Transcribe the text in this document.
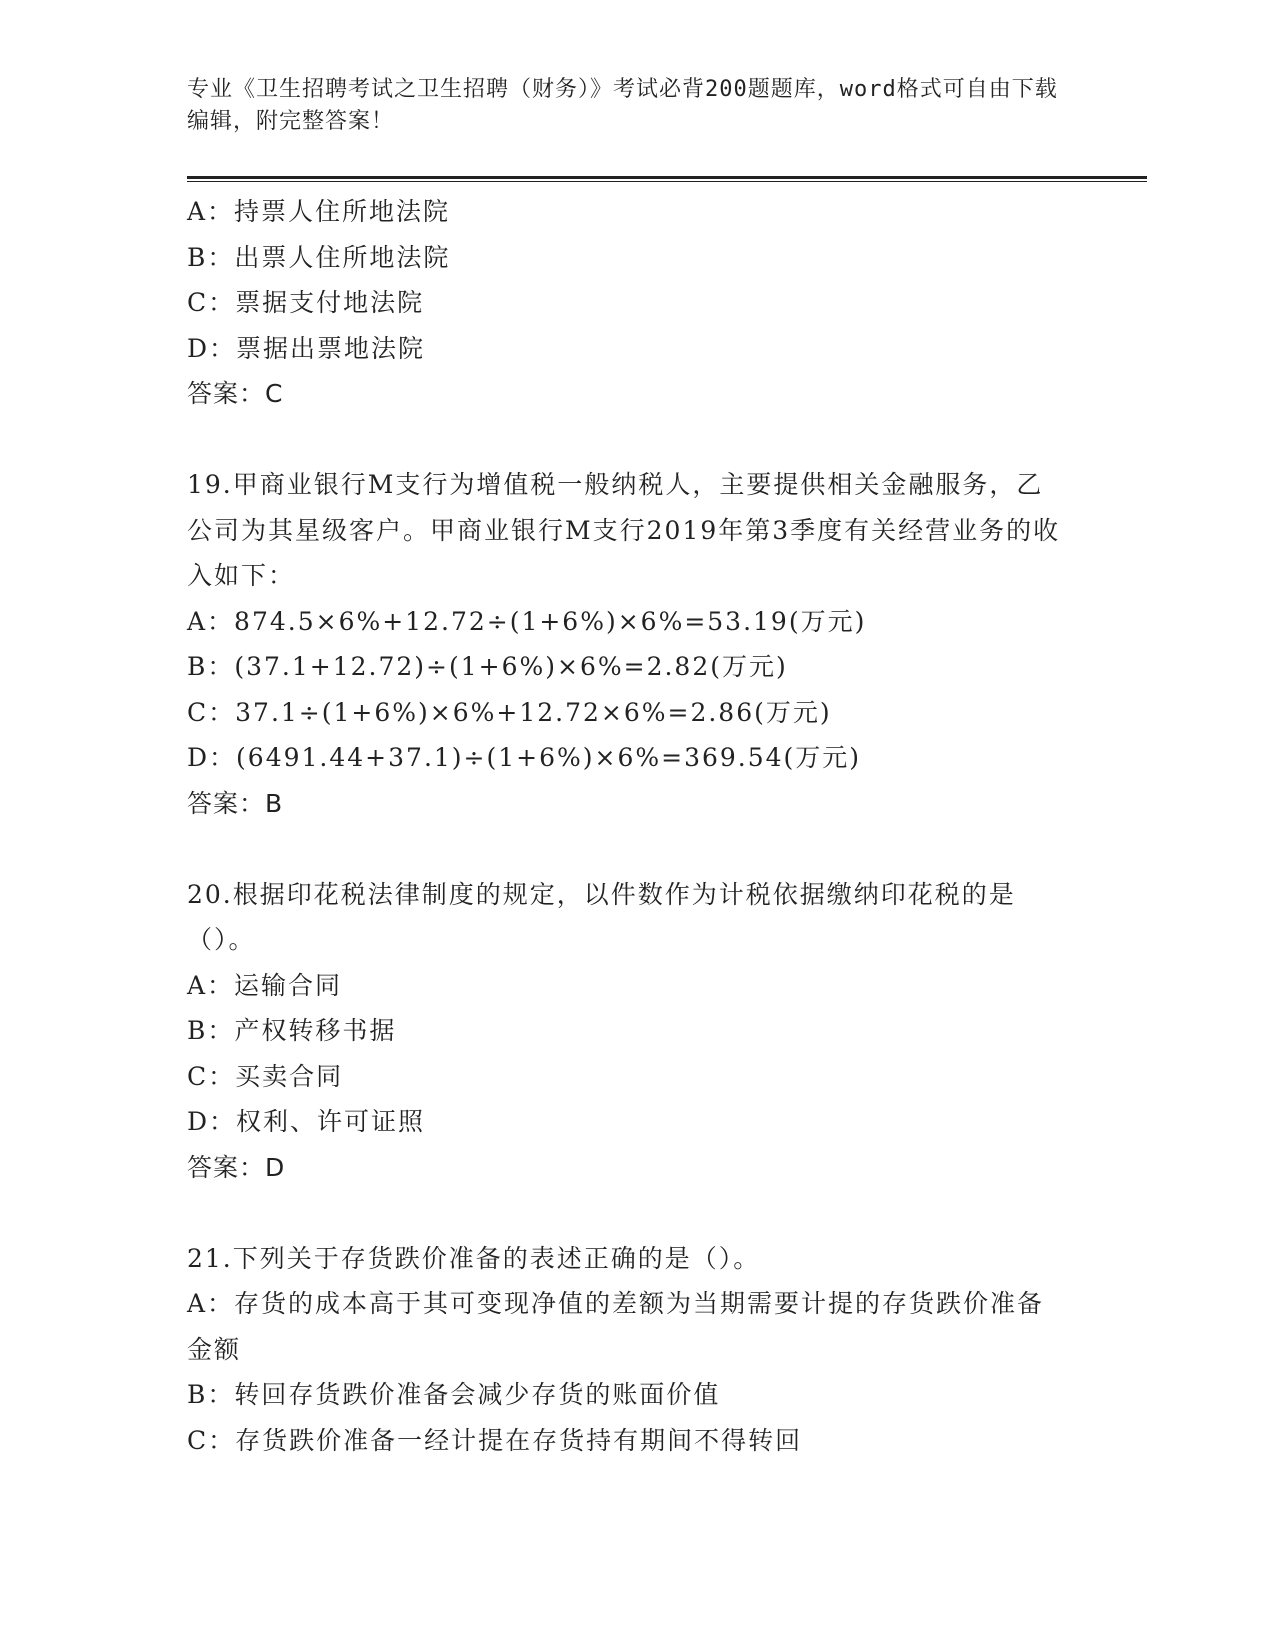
专业《卫生招聘考试之卫生招聘（财务）》考试必背200题题库，word格式可自由下载编辑，附完整答案！

A：持票人住所地法院

B：出票人住所地法院

C：票据支付地法院

D：票据出票地法院

答案：C

19.甲商业银行M支行为增值税一般纳税人，主要提供相关金融服务，乙公司为其星级客户。甲商业银行M支行2019年第3季度有关经营业务的收入如下：

A：874.5×6%+12.72÷(1+6%)×6%=53.19(万元)

B：(37.1+12.72)÷(1+6%)×6%=2.82(万元)

C：37.1÷(1+6%)×6%+12.72×6%=2.86(万元)

D：(6491.44+37.1)÷(1+6%)×6%=369.54(万元)

答案：B

20.根据印花税法律制度的规定，以件数作为计税依据缴纳印花税的是（）。

A：运输合同

B：产权转移书据

C：买卖合同

D：权利、许可证照

答案：D

21.下列关于存货跌价准备的表述正确的是（）。

A：存货的成本高于其可变现净值的差额为当期需要计提的存货跌价准备金额

B：转回存货跌价准备会减少存货的账面价值

C：存货跌价准备一经计提在存货持有期间不得转回
